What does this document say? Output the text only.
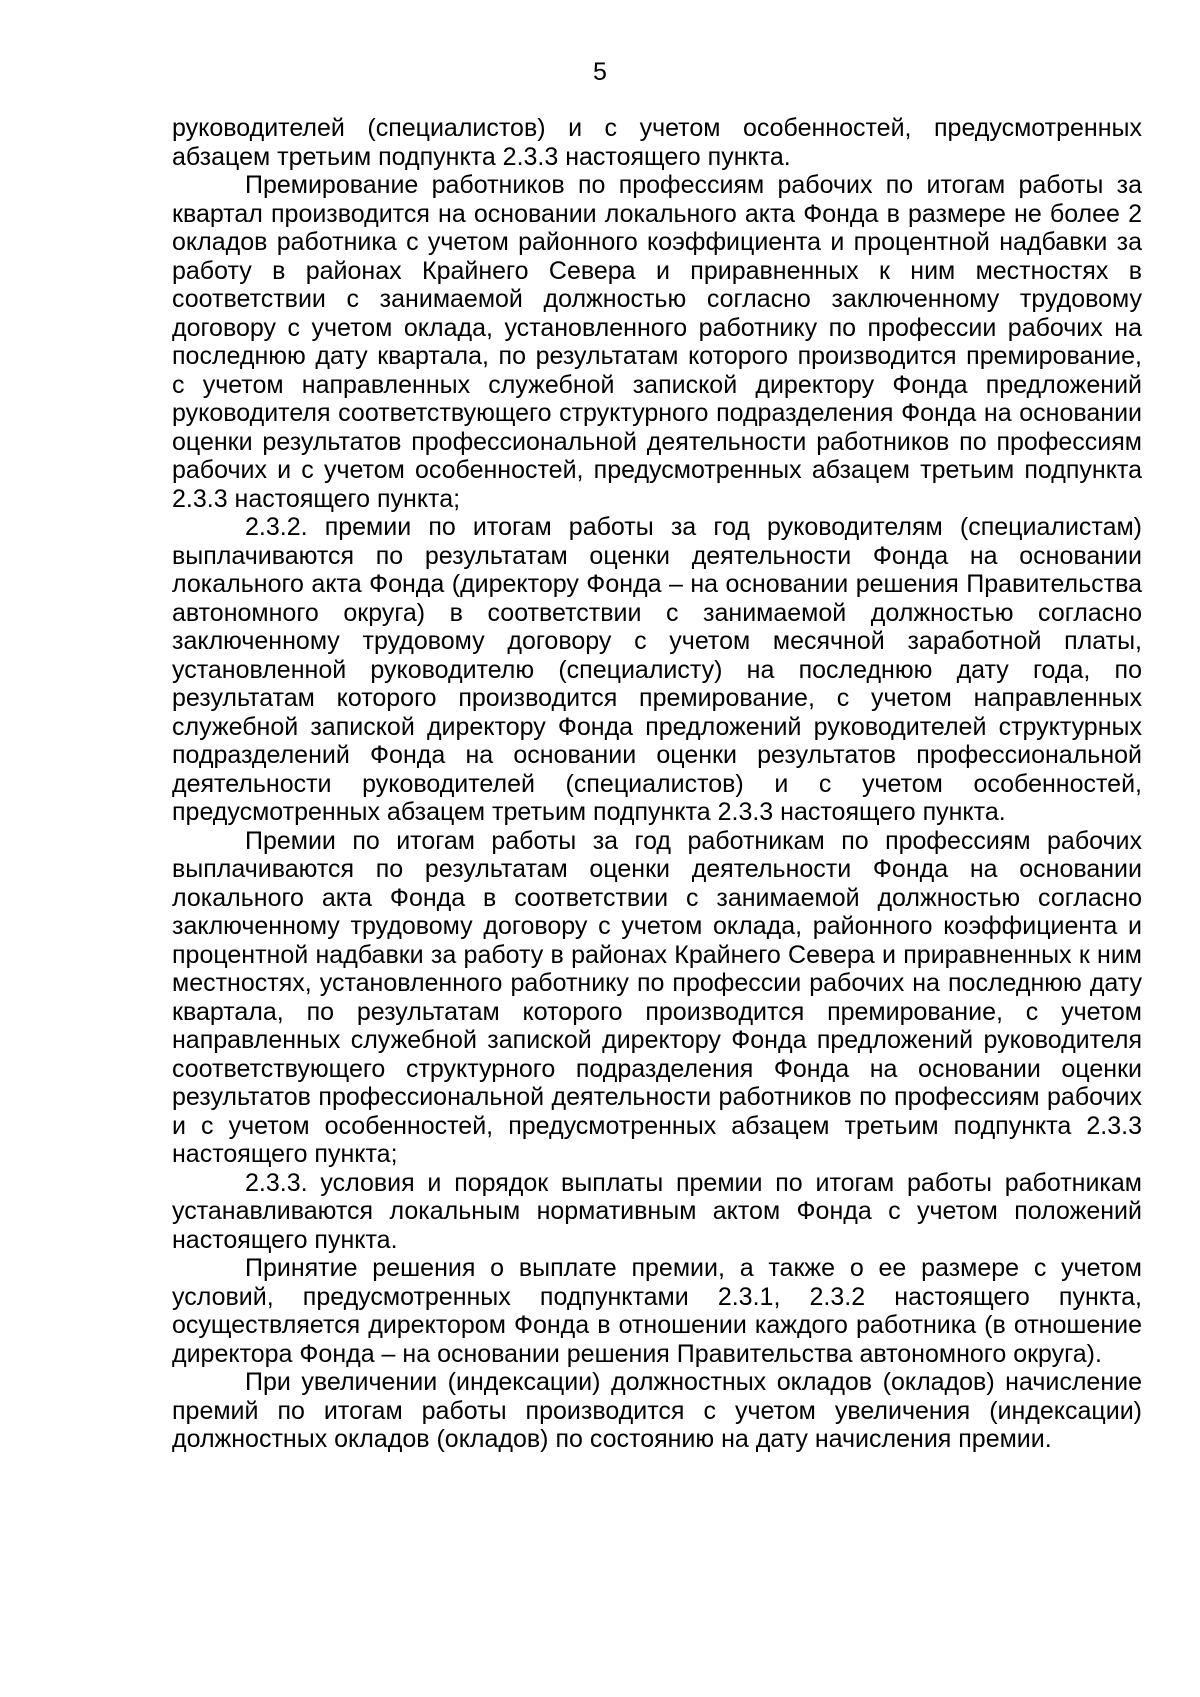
5

руководителей (специалистов) и с учетом особенностей, предусмотренных абзацем третьим подпункта 2.3.3 настоящего пункта.

Премирование работников по профессиям рабочих по итогам работы за квартал производится на основании локального акта Фонда в размере не более 2 окладов работника с учетом районного коэффициента и процентной надбавки за работу в районах Крайнего Севера и приравненных к ним местностях в соответствии с занимаемой должностью согласно заключенному трудовому договору с учетом оклада, установленного работнику по профессии рабочих на последнюю дату квартала, по результатам которого производится премирование, с учетом направленных служебной запиской директору Фонда предложений руководителя соответствующего структурного подразделения Фонда на основании оценки результатов профессиональной деятельности работников по профессиям рабочих и с учетом особенностей, предусмотренных абзацем третьим подпункта 2.3.3 настоящего пункта;

2.3.2. премии по итогам работы за год руководителям (специалистам) выплачиваются по результатам оценки деятельности Фонда на основании локального акта Фонда (директору Фонда – на основании решения Правительства автономного округа) в соответствии с занимаемой должностью согласно заключенному трудовому договору с учетом месячной заработной платы, установленной руководителю (специалисту) на последнюю дату года, по результатам которого производится премирование, с учетом направленных служебной запиской директору Фонда предложений руководителей структурных подразделений Фонда на основании оценки результатов профессиональной деятельности руководителей (специалистов) и с учетом особенностей, предусмотренных абзацем третьим подпункта 2.3.3 настоящего пункта.

Премии по итогам работы за год работникам по профессиям рабочих выплачиваются по результатам оценки деятельности Фонда на основании локального акта Фонда в соответствии с занимаемой должностью согласно заключенному трудовому договору с учетом оклада, районного коэффициента и процентной надбавки за работу в районах Крайнего Севера и приравненных к ним местностях, установленного работнику по профессии рабочих на последнюю дату квартала, по результатам которого производится премирование, с учетом направленных служебной запиской директору Фонда предложений руководителя соответствующего структурного подразделения Фонда на основании оценки результатов профессиональной деятельности работников по профессиям рабочих и с учетом особенностей, предусмотренных абзацем третьим подпункта 2.3.3 настоящего пункта;

2.3.3. условия и порядок выплаты премии по итогам работы работникам устанавливаются локальным нормативным актом Фонда с учетом положений настоящего пункта.

Принятие решения о выплате премии, а также о ее размере с учетом условий, предусмотренных подпунктами 2.3.1, 2.3.2 настоящего пункта, осуществляется директором Фонда в отношении каждого работника (в отношение директора Фонда – на основании решения Правительства автономного округа).

При увеличении (индексации) должностных окладов (окладов) начисление премий по итогам работы производится с учетом увеличения (индексации) должностных окладов (окладов) по состоянию на дату начисления премии.
